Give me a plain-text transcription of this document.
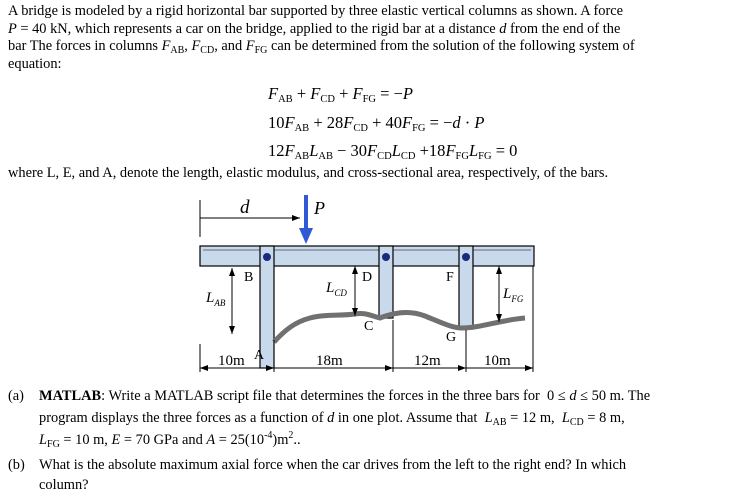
A bridge is modeled by a rigid horizontal bar supported by three elastic vertical columns as shown. A force
P = 40 kN, which represents a car on the bridge, applied to the rigid bar at a distance d from the end of the
bar The forces in columns $F_{AB}$, $F_{CD}$, and $F_{FG}$ can be determined from the solution of the following system of
equation:
$F_{AB} + F_{CD} + F_{FG} = -P$
$10F_{AB} + 28F_{CD} + 40F_{FG} = -d \cdot P$
$12F_{AB}L_{AB} - 30F_{CD}L_{CD} +18F_{FG}L_{FG} = 0$
where L, E, and A, denote the length, elastic modulus, and cross-sectional area, respectively, of the bars.
d	P
B	D	F
C
G
A
$L_{AB}$
$L_{CD}$	$L_{FG}$
10m	18m	12m	10m
(a) MATLAB: Write a MATLAB script file that determines the forces in the three bars for  0 ≤ d ≤ 50 m. The
program displays the three forces as a function of d in one plot. Assume that  $L_{AB} = 12$ m,  $L_{CD} = 8$ m,
$L_{FG} = 10$ m, E = 70 GPa and $A = 25(10^{-4})m^2$..
(b) What is the absolute maximum axial force when the car drives from the left to the right end? In which
column?
